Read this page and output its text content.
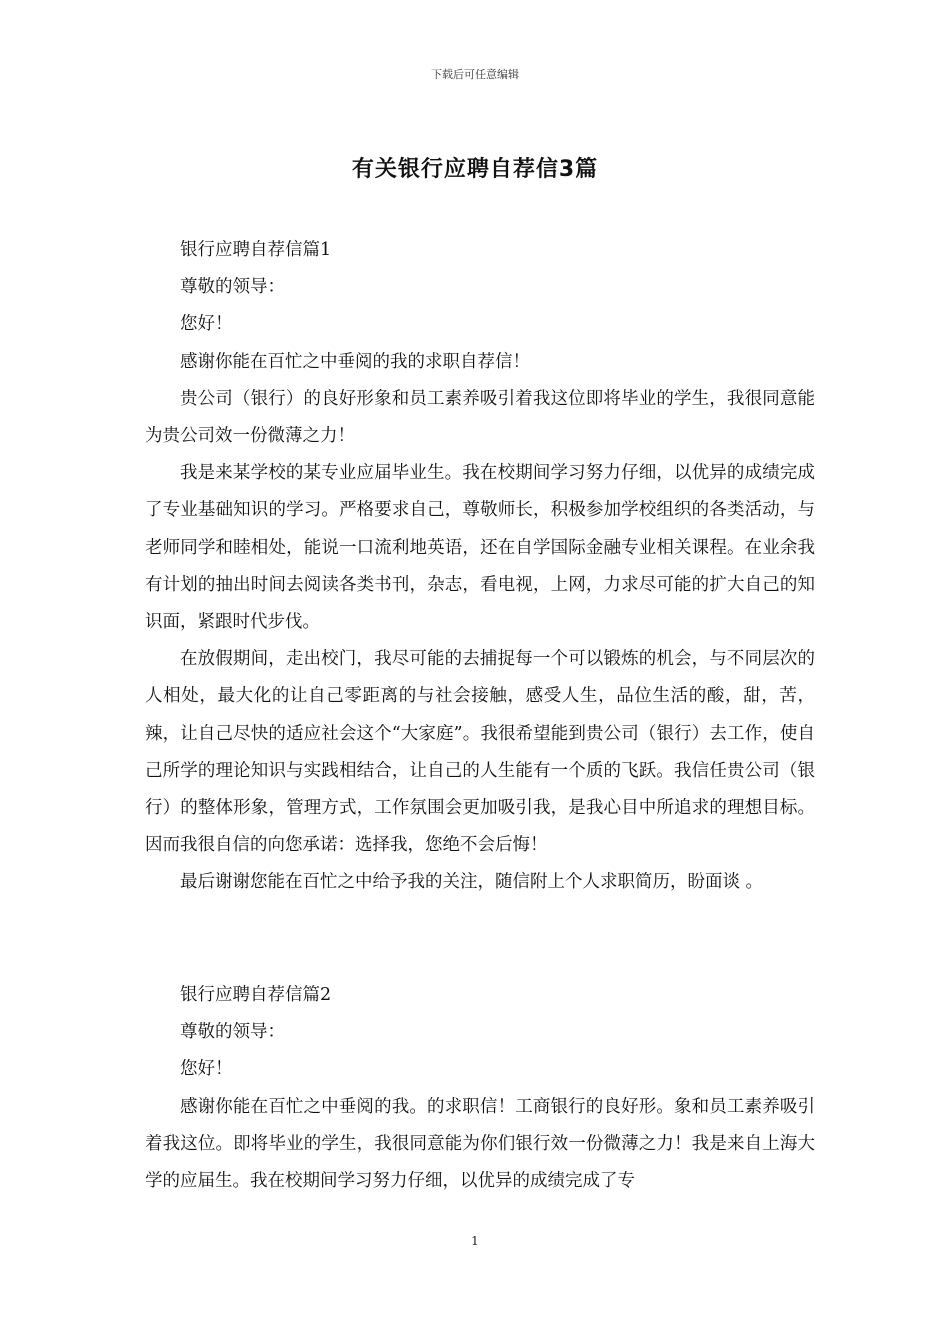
下载后可任意编辑
有关银行应聘自荐信3篇

银行应聘自荐信篇1

尊敬的领导：

您好！

感谢你能在百忙之中垂阅的我的求职自荐信！

贵公司（银行）的良好形象和员工素养吸引着我这位即将毕业的学生，我很同意能为贵公司效一份微薄之力！

我是来某学校的某专业应届毕业生。我在校期间学习努力仔细，以优异的成绩完成了专业基础知识的学习。严格要求自己，尊敬师长，积极参加学校组织的各类活动，与老师同学和睦相处，能说一口流利地英语，还在自学国际金融专业相关课程。在业余我有计划的抽出时间去阅读各类书刊，杂志，看电视，上网，力求尽可能的扩大自己的知识面，紧跟时代步伐。

在放假期间，走出校门，我尽可能的去捕捉每一个可以锻炼的机会，与不同层次的人相处，最大化的让自己零距离的与社会接触，感受人生，品位生活的酸，甜，苦，辣，让自己尽快的适应社会这个“大家庭”。我很希望能到贵公司（银行）去工作，使自己所学的理论知识与实践相结合，让自己的人生能有一个质的飞跃。我信任贵公司（银行）的整体形象，管理方式，工作氛围会更加吸引我，是我心目中所追求的理想目标。因而我很自信的向您承诺：选择我，您绝不会后悔！

最后谢谢您能在百忙之中给予我的关注，随信附上个人求职简历，盼面谈 。

银行应聘自荐信篇2

尊敬的领导：

您好！

感谢你能在百忙之中垂阅的我。的求职信！工商银行的良好形。象和员工素养吸引着我这位。即将毕业的学生，我很同意能为你们银行效一份微薄之力！我是来自上海大学的应届生。我在校期间学习努力仔细，以优异的成绩完成了专

1
